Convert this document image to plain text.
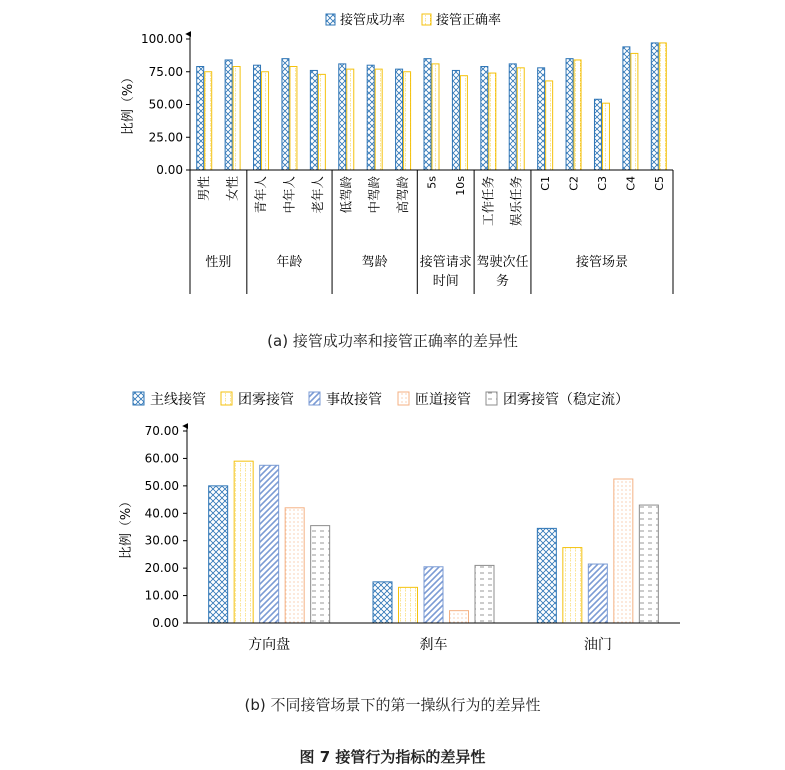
接管成功率 接管正确率
比例（%）
0.00
25.00
50.00
75.00
100.00
男性 女性 青年人 中年人 老年人 低驾龄 中驾龄 高驾龄 5s 10s 工作任务 娱乐任务 C1 C2 C3 C4 C5
性别	年龄	驾龄 接管请求时间
驾驶次任务
接管场景
主线接管 团雾接管 事故接管 匝道接管 团雾接管（稳定流）
比例（%）
0.00
10.00
20.00
30.00
40.00
50.00
60.00
70.00
方向盘	刹车	油门
(a) 接管成功率和接管正确率的差异性
(b) 不同接管场景下的第一操纵行为的差异性
图 7 接管行为指标的差异性
